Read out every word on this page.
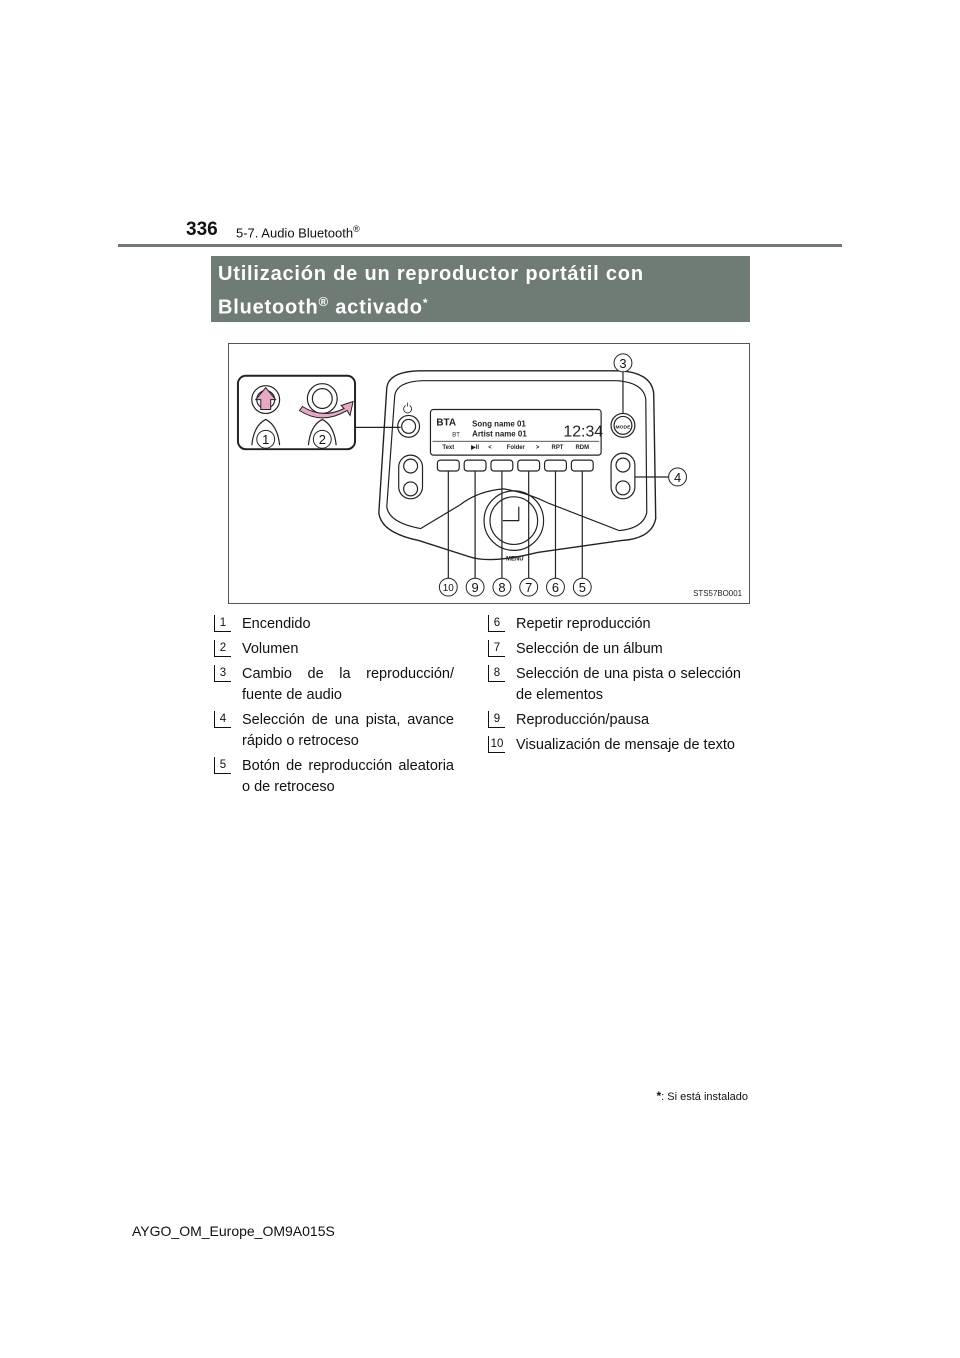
336 5-7. Audio Bluetooth®
Utilización de un reproductor portátil con
Bluetooth® activado*
BTA
BT
Song name 01
Artist name 01 12:34
Text	▶II < Folder > RPT RDM
MODE
MENU
1	2
3
4
5
6
7
8
9
10	STS57BO001
1	Encendido
2	Volumen
3	Cambio de la reproducción/ fuente de audio
4	Selección de una pista, avance rápido o retroceso
5	Botón de reproducción aleatoria o de retroceso
6	Repetir reproducción
7	Selección de un álbum
8	Selección de una pista o selección de elementos
9	Reproducción/pausa
10 Visualización de mensaje de texto
*: Si está instalado
AYGO_OM_Europe_OM9A015S
